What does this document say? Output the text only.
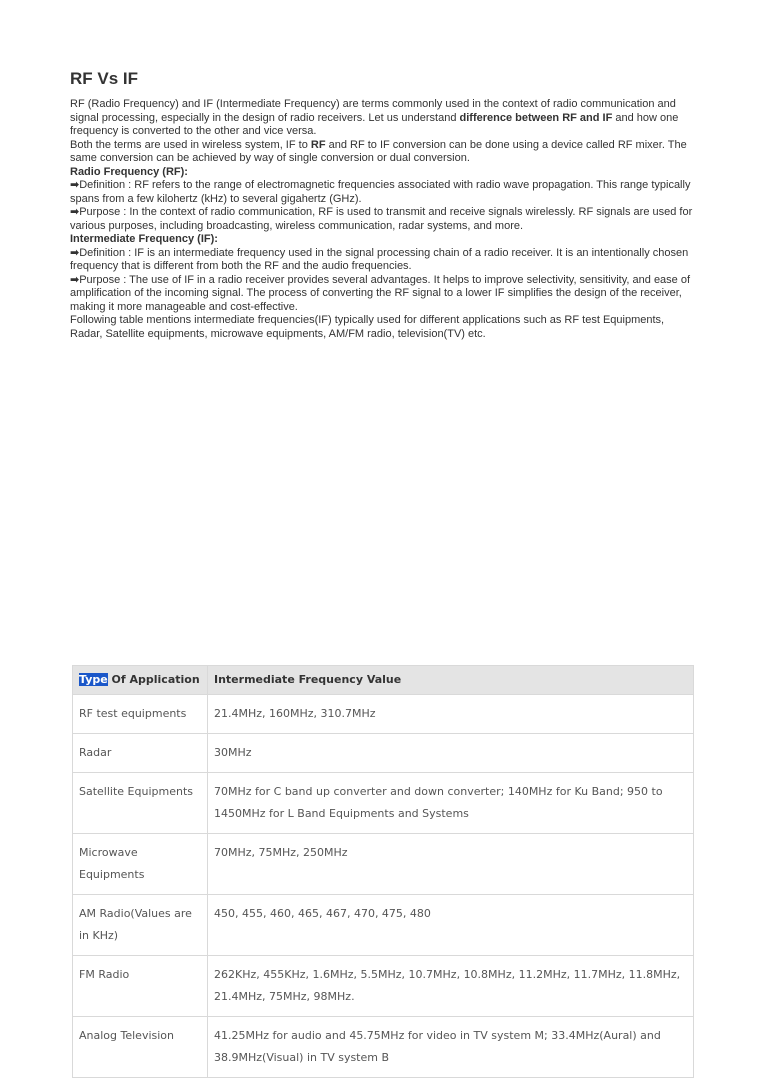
RF Vs IF

RF (Radio Frequency) and IF (Intermediate Frequency) are terms commonly used in the context of radio communication and signal processing, especially in the design of radio receivers. Let us understand difference between RF and IF and how one frequency is converted to the other and vice versa.

Both the terms are used in wireless system, IF to RF and RF to IF conversion can be done using a device called RF mixer. The same conversion can be achieved by way of single conversion or dual conversion.

Radio Frequency (RF):

➡Definition : RF refers to the range of electromagnetic frequencies associated with radio wave propagation. This range typically spans from a few kilohertz (kHz) to several gigahertz (GHz).

➡Purpose : In the context of radio communication, RF is used to transmit and receive signals wirelessly. RF signals are used for various purposes, including broadcasting, wireless communication, radar systems, and more.

Intermediate Frequency (IF):

➡Definition : IF is an intermediate frequency used in the signal processing chain of a radio receiver. It is an intentionally chosen frequency that is different from both the RF and the audio frequencies.

➡Purpose : The use of IF in a radio receiver provides several advantages. It helps to improve selectivity, sensitivity, and ease of amplification of the incoming signal. The process of converting the RF signal to a lower IF simplifies the design of the receiver, making it more manageable and cost-effective.

Following table mentions intermediate frequencies(IF) typically used for different applications such as RF test Equipments, Radar, Satellite equipments, microwave equipments, AM/FM radio, television(TV) etc.

Type Of Application	Intermediate Frequency Value
RF test equipments	21.4MHz, 160MHz, 310.7MHz
Radar	30MHz
Satellite Equipments	70MHz for C band up converter and down converter; 140MHz for Ku Band; 950 to 1450MHz for L Band Equipments and Systems
Microwave Equipments	70MHz, 75MHz, 250MHz
AM Radio(Values are in KHz)	450, 455, 460, 465, 467, 470, 475, 480
FM Radio	262KHz, 455KHz, 1.6MHz, 5.5MHz, 10.7MHz, 10.8MHz, 11.2MHz, 11.7MHz, 11.8MHz, 21.4MHz, 75MHz, 98MHz.
Analog Television	41.25MHz for audio and 45.75MHz for video in TV system M; 33.4MHz(Aural) and 38.9MHz(Visual) in TV system B
